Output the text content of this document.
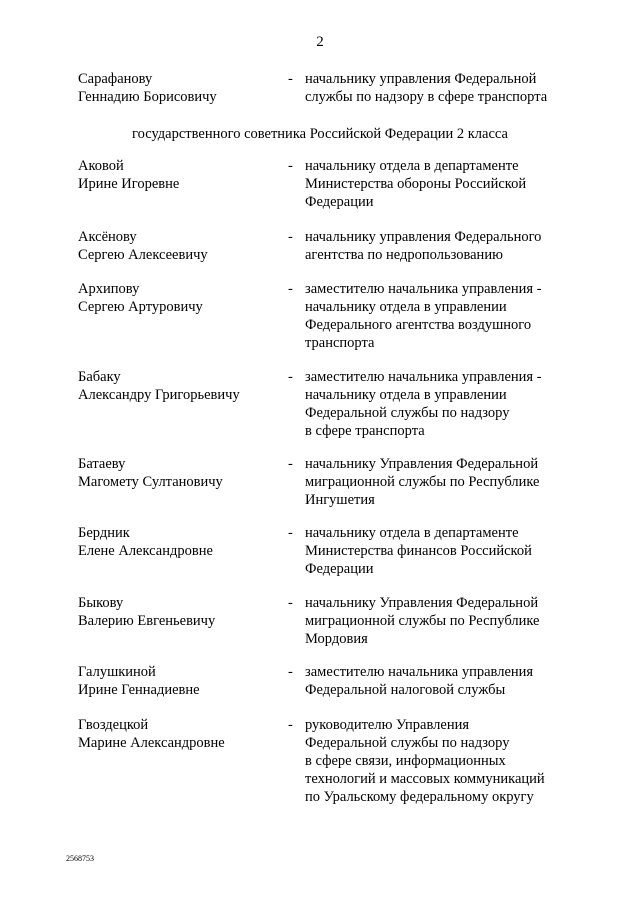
2
Сарафанову
Геннадию Борисовичу
- начальнику управления Федеральной
службы по надзору в сфере транспорта
государственного советника Российской Федерации 2 класса
Аковой
Ирине Игоревне
- начальнику отдела в департаменте
Министерства обороны Российской
Федерации
Аксёнову
Сергею Алексеевичу
- начальнику управления Федерального
агентства по недропользованию
Архипову
Сергею Артуровичу
- заместителю начальника управления -
начальнику отдела в управлении
Федерального агентства воздушного
транспорта
Бабаку
Александру Григорьевичу
- заместителю начальника управления -
начальнику отдела в управлении
Федеральной службы по надзору
в сфере транспорта
Батаеву
Магомету Султановичу
- начальнику Управления Федеральной
миграционной службы по Республике
Ингушетия
Бердник
Елене Александровне
- начальнику отдела в департаменте
Министерства финансов Российской
Федерации
Быкову
Валерию Евгеньевичу
- начальнику Управления Федеральной
миграционной службы по Республике
Мордовия
Галушкиной
Ирине Геннадиевне
- заместителю начальника управления
Федеральной налоговой службы
Гвоздецкой
Марине Александровне
- руководителю Управления
Федеральной службы по надзору
в сфере связи, информационных
технологий и массовых коммуникаций
по Уральскому федеральному округу
2568753
